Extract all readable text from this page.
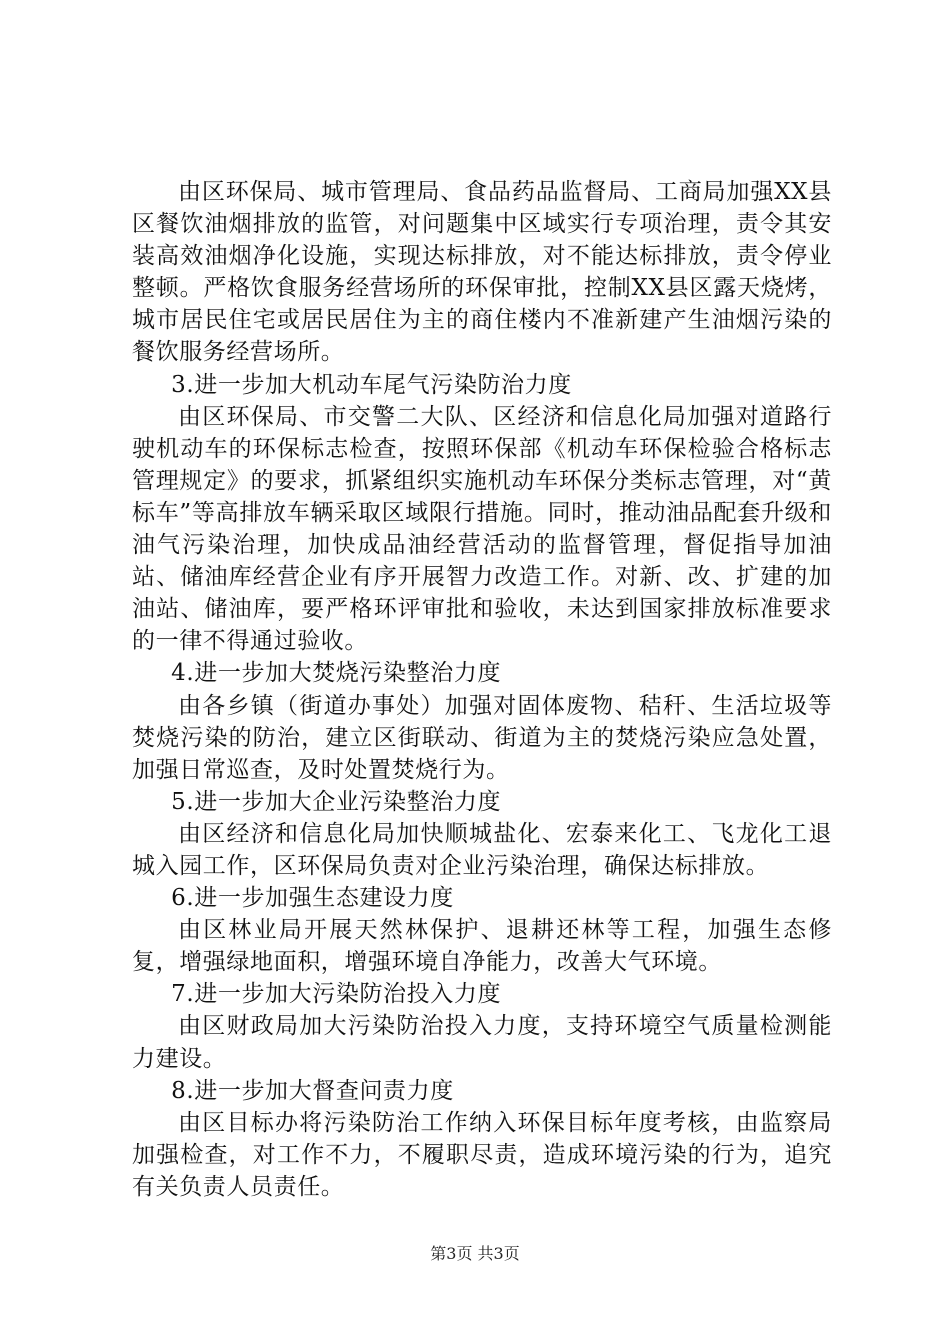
由区环保局、城市管理局、食品药品监督局、工商局加强XX县区餐饮油烟排放的监管，对问题集中区域实行专项治理，责令其安装高效油烟净化设施，实现达标排放，对不能达标排放，责令停业整顿。严格饮食服务经营场所的环保审批，控制XX县区露天烧烤，城市居民住宅或居民居住为主的商住楼内不准新建产生油烟污染的餐饮服务经营场所。

3.进一步加大机动车尾气污染防治力度

由区环保局、市交警二大队、区经济和信息化局加强对道路行驶机动车的环保标志检查，按照环保部《机动车环保检验合格标志管理规定》的要求，抓紧组织实施机动车环保分类标志管理，对“黄标车”等高排放车辆采取区域限行措施。同时，推动油品配套升级和油气污染治理，加快成品油经营活动的监督管理，督促指导加油站、储油库经营企业有序开展智力改造工作。对新、改、扩建的加油站、储油库，要严格环评审批和验收，未达到国家排放标准要求的一律不得通过验收。

4.进一步加大焚烧污染整治力度

由各乡镇（街道办事处）加强对固体废物、秸秆、生活垃圾等焚烧污染的防治，建立区街联动、街道为主的焚烧污染应急处置，加强日常巡查，及时处置焚烧行为。

5.进一步加大企业污染整治力度

由区经济和信息化局加快顺城盐化、宏泰来化工、飞龙化工退城入园工作，区环保局负责对企业污染治理，确保达标排放。

6.进一步加强生态建设力度

由区林业局开展天然林保护、退耕还林等工程，加强生态修复，增强绿地面积，增强环境自净能力，改善大气环境。

7.进一步加大污染防治投入力度

由区财政局加大污染防治投入力度，支持环境空气质量检测能力建设。

8.进一步加大督查问责力度

由区目标办将污染防治工作纳入环保目标年度考核，由监察局加强检查，对工作不力，不履职尽责，造成环境污染的行为，追究有关负责人员责任。

第3页 共3页
